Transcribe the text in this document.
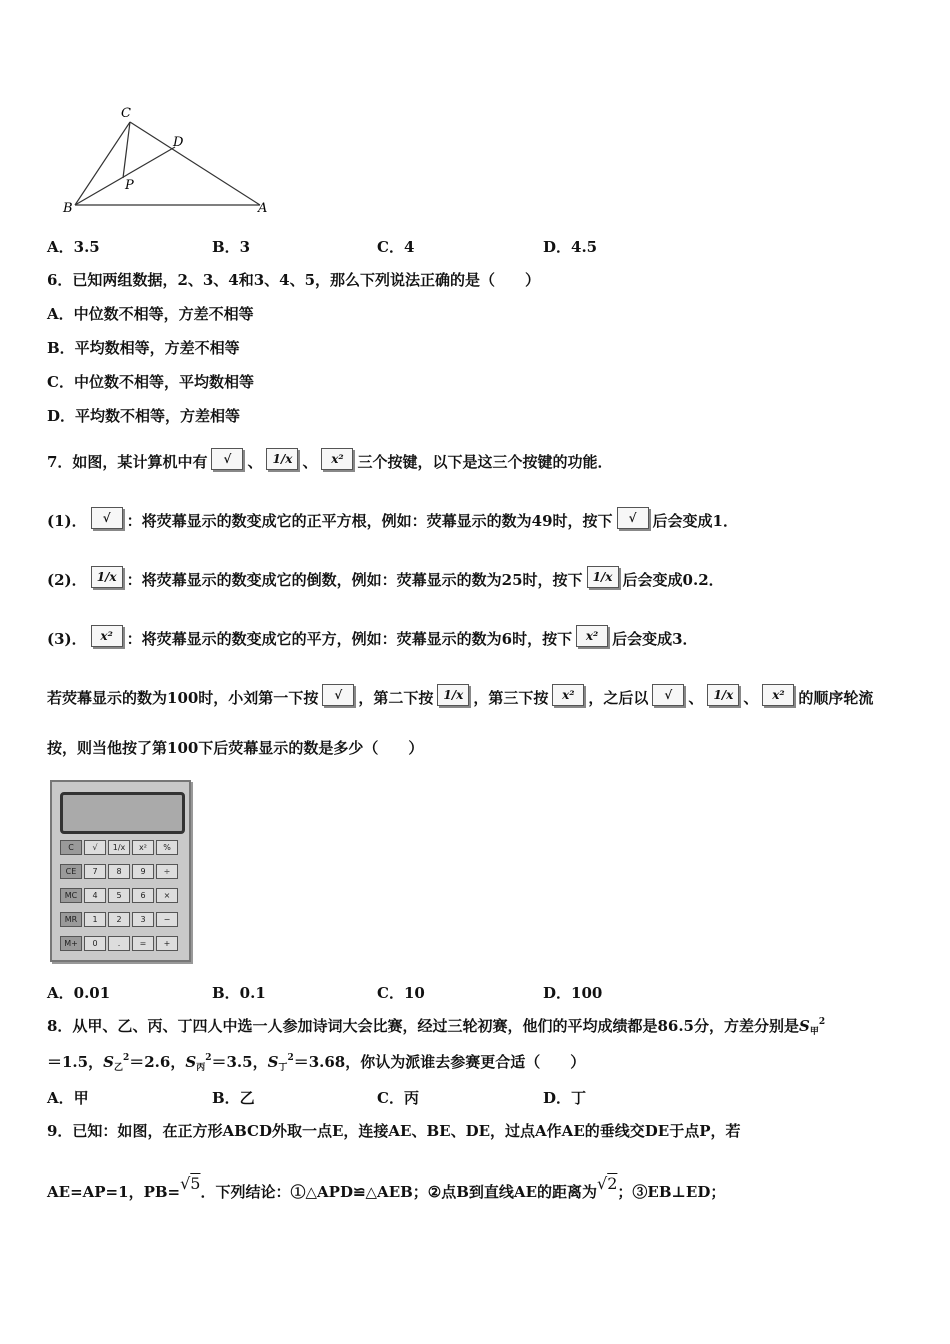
C
D
P
B	A
A．3.5	B．3	C．4	D．4.5
6．已知两组数据，2、3、4和3、4、5，那么下列说法正确的是（　　）
A．中位数不相等，方差不相等
B．平均数相等，方差不相等
C．中位数不相等，平均数相等
D．平均数不相等，方差相等
7．如图，某计算机中有 √ 、 1/x 、 x² 三个按键，以下是这三个按键的功能．
(1)． √ ：将荧幕显示的数变成它的正平方根，例如：荧幕显示的数为49时，按下 √ 后会变成1．
(2)． 1/x ：将荧幕显示的数变成它的倒数，例如：荧幕显示的数为25时，按下 1/x 后会变成0.2．
(3)． x² ：将荧幕显示的数变成它的平方，例如：荧幕显示的数为6时，按下 x² 后会变成3．
若荧幕显示的数为100时，小刘第一下按 √ ，第二下按 1/x ，第三下按 x² ，之后以 √ 、 1/x 、 x² 的顺序轮流
按，则当他按了第100下后荧幕显示的数是多少（　　）
C	√	1/x	x²	%
CE	7	8	9	÷
MC	4	5	6	×
MR	1	2	3	−
M+	0	.	=	+
A．0.01	B．0.1	C．10	D．100
8．从甲、乙、丙、丁四人中选一人参加诗词大会比赛，经过三轮初赛，他们的平均成绩都是86.5分，方差分别是$S_甲^2$
＝1.5，$S_乙^2=2.6$，$S_丙^2=3.5$，$S_丁^2=3.68$，你认为派谁去参赛更合适（　　）
A．甲	B．乙	C．丙	D．丁
9．已知：如图，在正方形ABCD外取一点E，连接AE、BE、DE，过点A作AE的垂线交DE于点P，若
AE=AP=1，PB=√5．下列结论：①△APD≌△AEB；②点B到直线AE的距离为√2；③EB⊥ED；
